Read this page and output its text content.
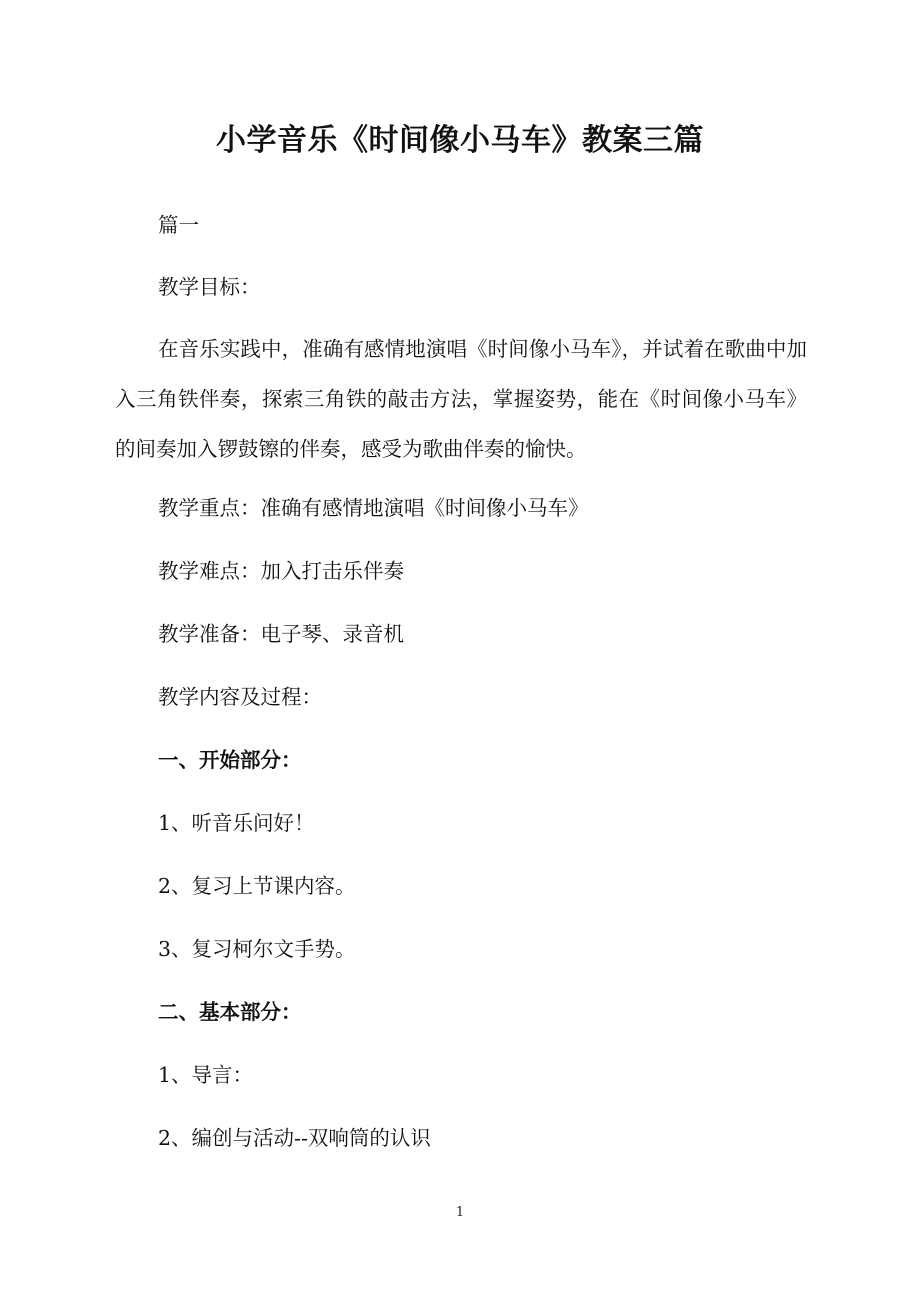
小学音乐《时间像小马车》教案三篇

篇一

教学目标：

在音乐实践中，准确有感情地演唱《时间像小马车》，并试着在歌曲中加入三角铁伴奏，探索三角铁的敲击方法，掌握姿势，能在《时间像小马车》的间奏加入锣鼓镲的伴奏，感受为歌曲伴奏的愉快。

教学重点：准确有感情地演唱《时间像小马车》

教学难点：加入打击乐伴奏

教学准备：电子琴、录音机

教学内容及过程：

一、开始部分：

1、听音乐问好！

2、复习上节课内容。

3、复习柯尔文手势。

二、基本部分：

1、导言：

2、编创与活动--双响筒的认识

1
